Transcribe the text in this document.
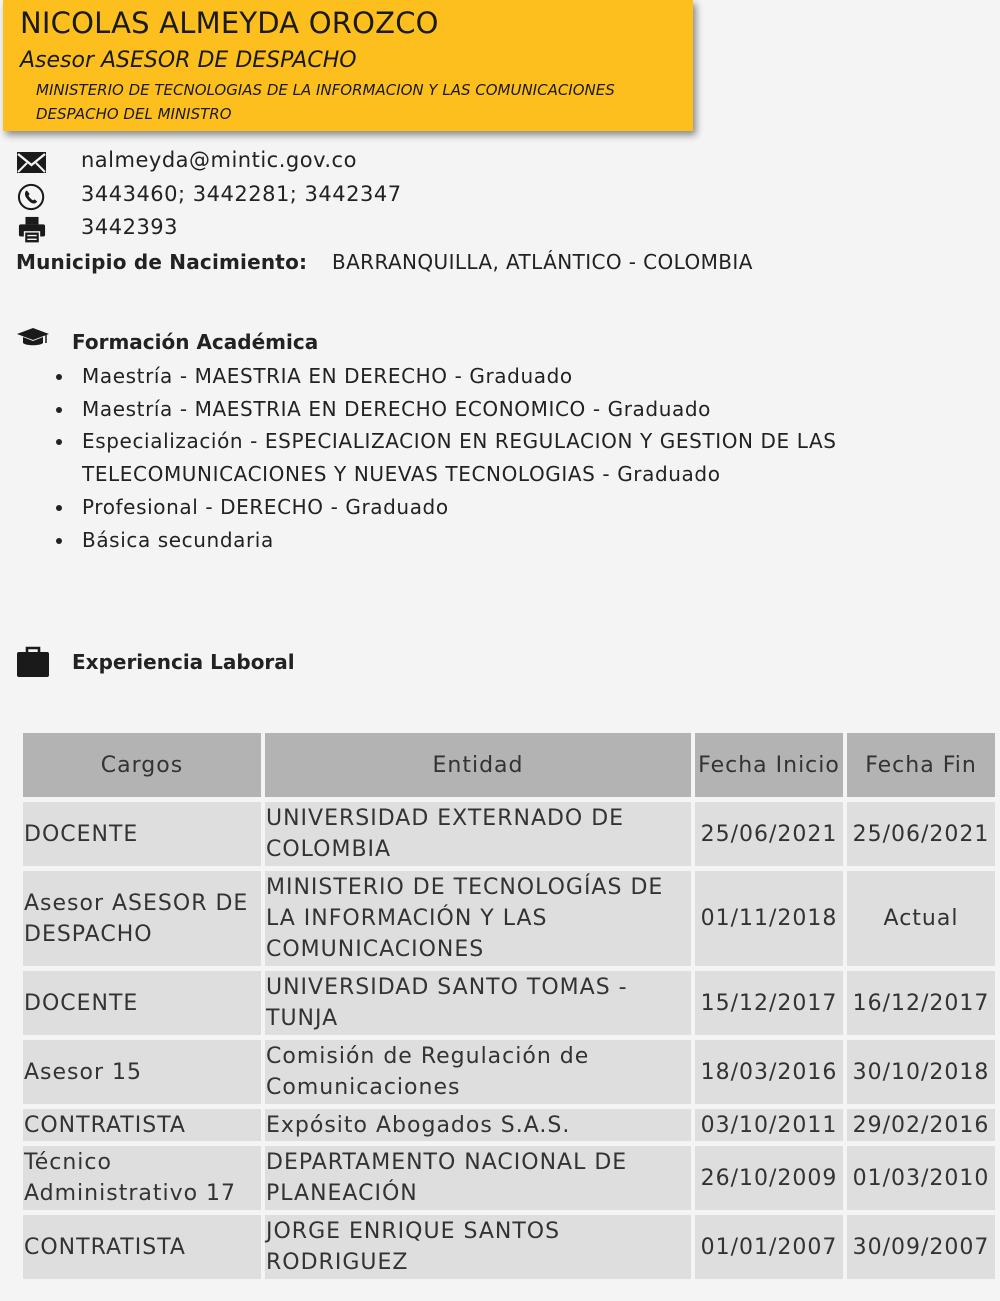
NICOLAS ALMEYDA OROZCO
Asesor ASESOR DE DESPACHO
MINISTERIO DE TECNOLOGIAS DE LA INFORMACION Y LAS COMUNICACIONES
DESPACHO DEL MINISTRO
nalmeyda@mintic.gov.co
3443460; 3442281; 3442347
3442393
Municipio de Nacimiento: BARRANQUILLA, ATLÁNTICO - COLOMBIA
Formación Académica
Maestría - MAESTRIA EN DERECHO - Graduado
Maestría - MAESTRIA EN DERECHO ECONOMICO - Graduado
Especialización - ESPECIALIZACION EN REGULACION Y GESTION DE LAS TELECOMUNICACIONES Y NUEVAS TECNOLOGIAS - Graduado
Profesional - DERECHO - Graduado
Básica secundaria
Experiencia Laboral
Cargos	Entidad	Fecha Inicio	Fecha Fin
DOCENTE	UNIVERSIDAD EXTERNADO DE COLOMBIA	25/06/2021	25/06/2021
Asesor ASESOR DE DESPACHO	MINISTERIO DE TECNOLOGÍAS DE LA INFORMACIÓN Y LAS COMUNICACIONES	01/11/2018	Actual
DOCENTE	UNIVERSIDAD SANTO TOMAS - TUNJA	15/12/2017	16/12/2017
Asesor 15	Comisión de Regulación de Comunicaciones	18/03/2016	30/10/2018
CONTRATISTA	Expósito Abogados S.A.S.	03/10/2011	29/02/2016
Técnico Administrativo 17	DEPARTAMENTO NACIONAL DE PLANEACIÓN	26/10/2009	01/03/2010
CONTRATISTA	JORGE ENRIQUE SANTOS RODRIGUEZ	01/01/2007	30/09/2007
